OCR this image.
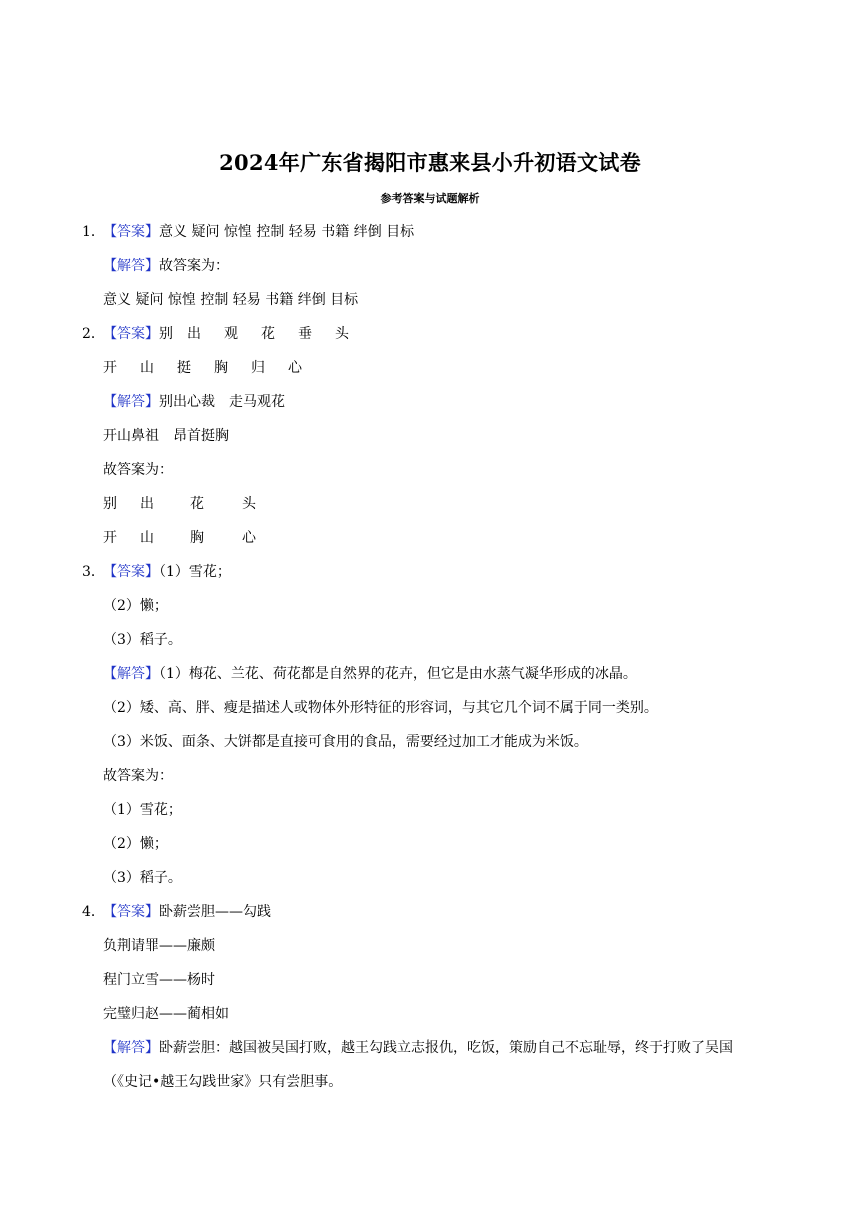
2024年广东省揭阳市惠来县小升初语文试卷
参考答案与试题解析
1．
【答案】意义 疑问 惊惶 控制 轻易 书籍 绊倒 目标
【解答】故答案为：
意义 疑问 惊惶 控制 轻易 书籍 绊倒 目标
2．
【答案】别 出 观 花 垂 头
开 山 挺 胸 归 心
【解答】别出心裁　走马观花
开山鼻祖　昂首挺胸
故答案为：
别 出	花	头
开 山	胸	心
3．
【答案】（1）雪花；
（2）懒；
（3）稻子。
【解答】（1）梅花、兰花、荷花都是自然界的花卉，但它是由水蒸气凝华形成的冰晶。
（2）矮、高、胖、瘦是描述人或物体外形特征的形容词，与其它几个词不属于同一类别。
（3）米饭、面条、大饼都是直接可食用的食品，需要经过加工才能成为米饭。
故答案为：
（1）雪花；
（2）懒；
（3）稻子。
4．
【答案】卧薪尝胆——勾践
负荆请罪——廉颇
程门立雪——杨时
完璧归赵——蔺相如
【解答】卧薪尝胆：越国被吴国打败，越王勾践立志报仇，吃饭，策励自己不忘耻辱，终于打败了吴国
（《史记•越王勾践世家》只有尝胆事。
